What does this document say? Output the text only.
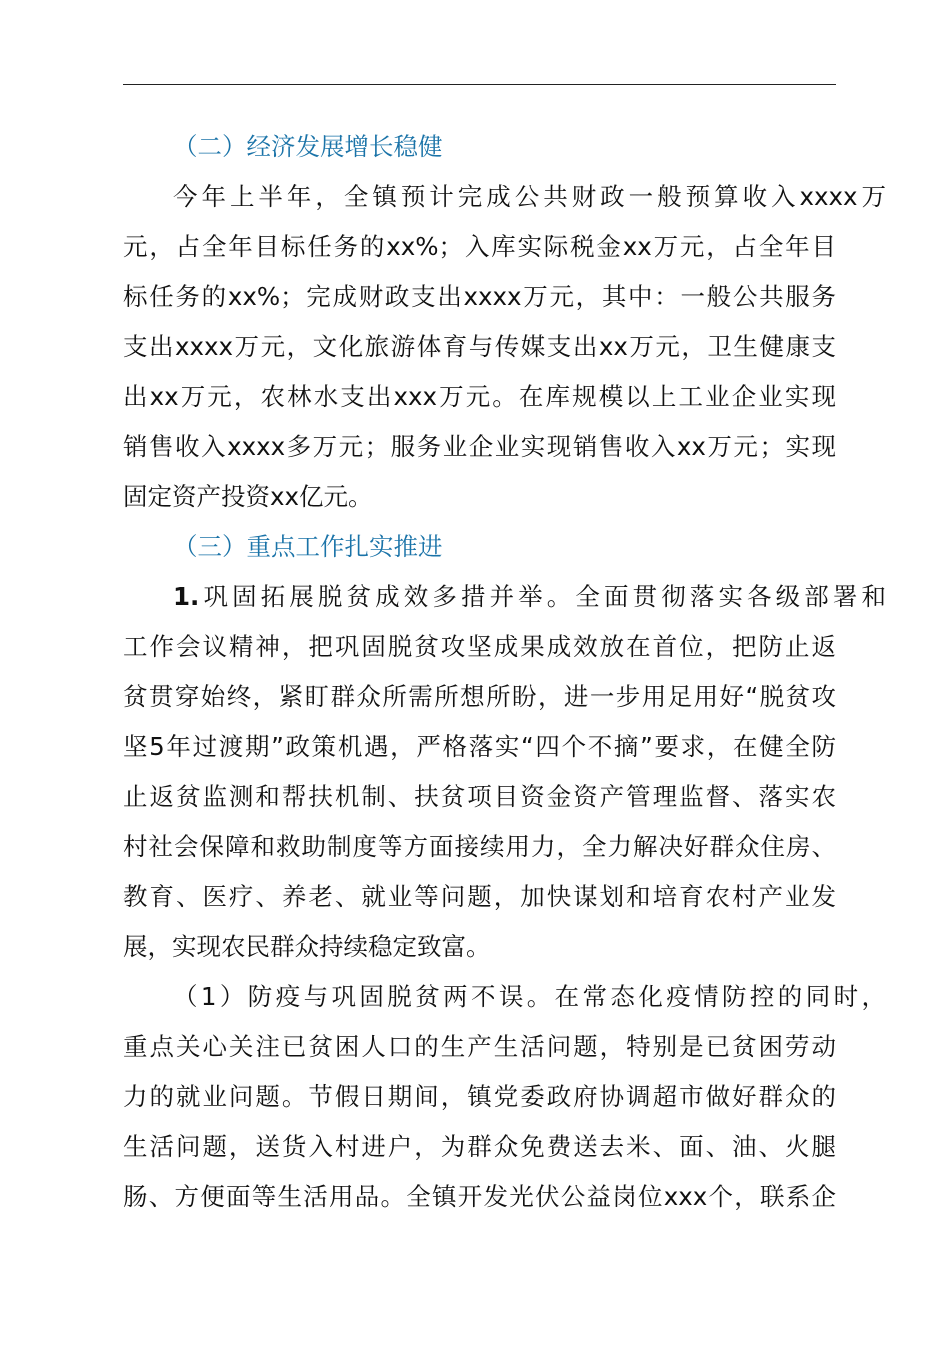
（二）经济发展增长稳健
今年上半年，全镇预计完成公共财政一般预算收入xxxx万
元，占全年目标任务的xx%；入库实际税金xx万元，占全年目
标任务的xx%；完成财政支出xxxx万元，其中：一般公共服务
支出xxxx万元，文化旅游体育与传媒支出xx万元，卫生健康支
出xx万元，农林水支出xxx万元。在库规模以上工业企业实现
销售收入xxxx多万元；服务业企业实现销售收入xx万元；实现
固定资产投资xx亿元。
（三）重点工作扎实推进
1.巩固拓展脱贫成效多措并举。全面贯彻落实各级部署和
工作会议精神，把巩固脱贫攻坚成果成效放在首位，把防止返
贫贯穿始终，紧盯群众所需所想所盼，进一步用足用好“脱贫攻
坚5年过渡期”政策机遇，严格落实“四个不摘”要求，在健全防
止返贫监测和帮扶机制、扶贫项目资金资产管理监督、落实农
村社会保障和救助制度等方面接续用力，全力解决好群众住房、
教育、医疗、养老、就业等问题，加快谋划和培育农村产业发
展，实现农民群众持续稳定致富。
（1）防疫与巩固脱贫两不误。在常态化疫情防控的同时，
重点关心关注已贫困人口的生产生活问题，特别是已贫困劳动
力的就业问题。节假日期间，镇党委政府协调超市做好群众的
生活问题，送货入村进户，为群众免费送去米、面、油、火腿
肠、方便面等生活用品。全镇开发光伏公益岗位xxx个，联系企
